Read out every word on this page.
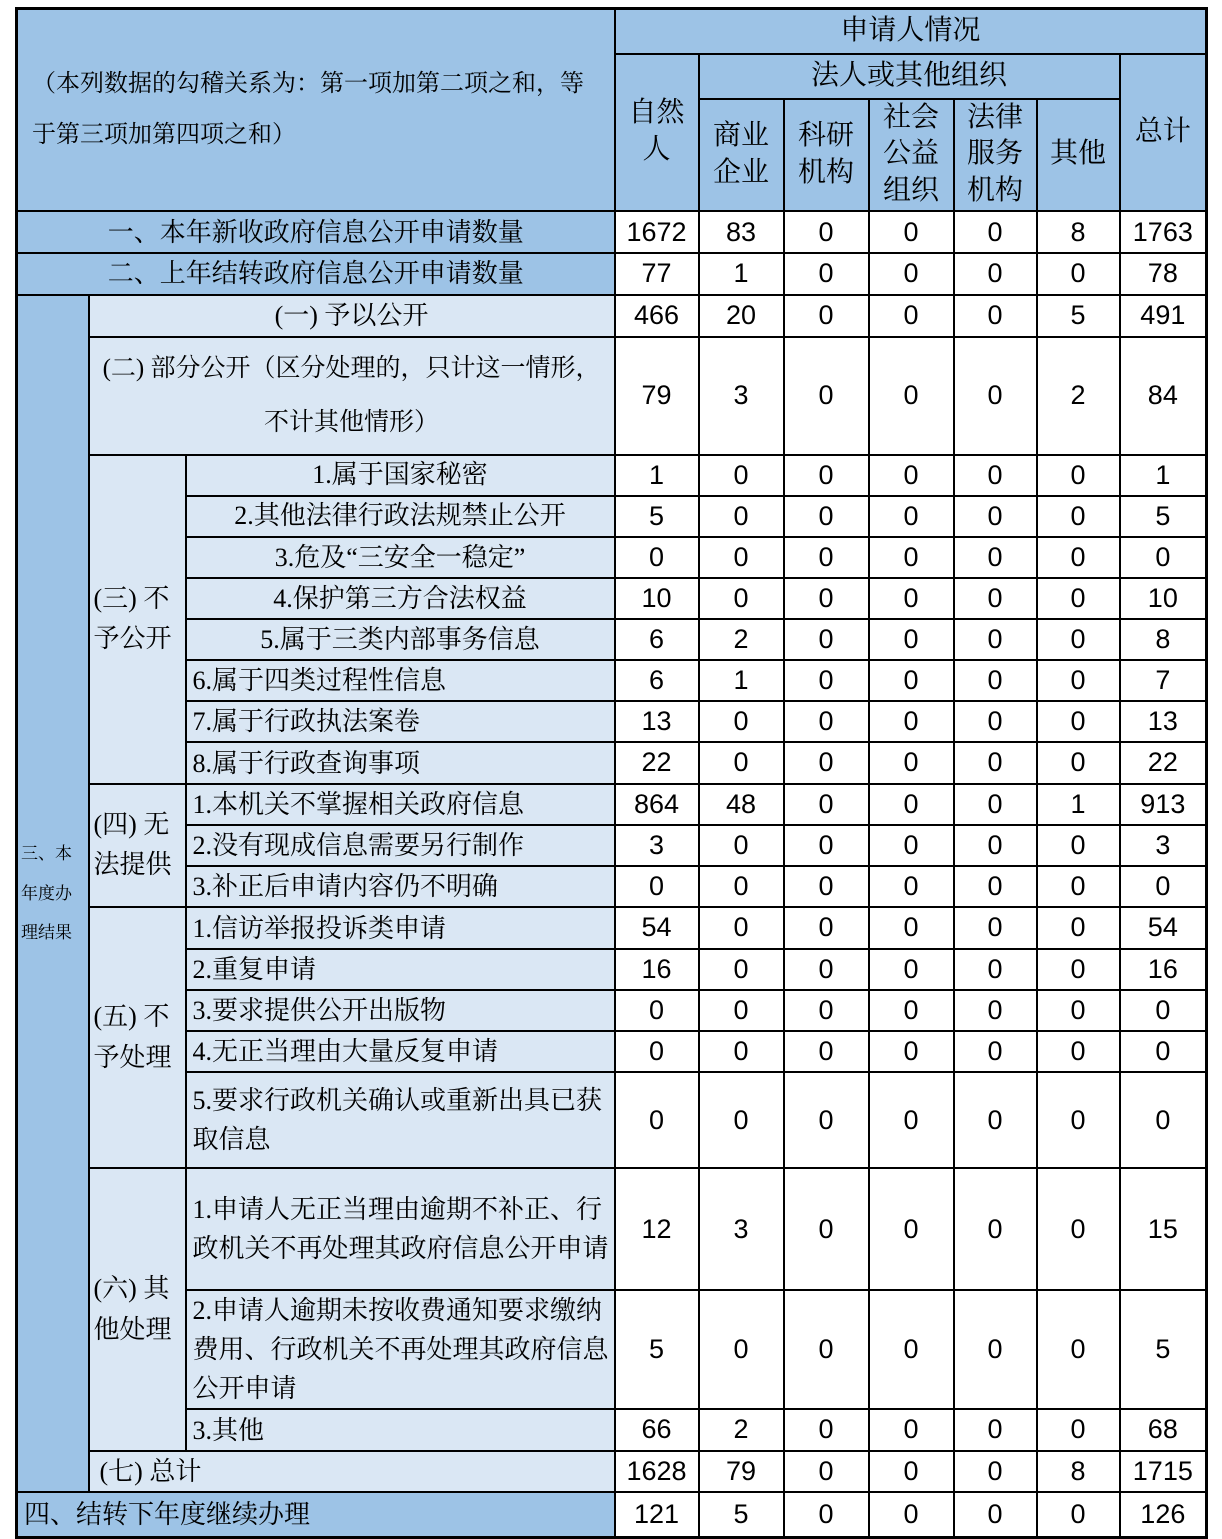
（本列数据的勾稽关系为：第一项加第二项之和，等于第三项加第四项之和）			申请人情况						
			自然人	法人或其他组织					总计
				商业企业	科研机构	社会公益组织	法律服务机构	其他	
一、本年新收政府信息公开申请数量			1672	83	0	0	0	8	1763
二、上年结转政府信息公开申请数量			77	1	0	0	0	0	78
三、本年度办理结果	(一) 予以公开		466	20	0	0	0	5	491
	(二) 部分公开（区分处理的，只计这一情形，不计其他情形）		79	3	0	0	0	2	84
	(三) 不予公开	1.属于国家秘密	1	0	0	0	0	0	1
		2.其他法律行政法规禁止公开	5	0	0	0	0	0	5
		3.危及“三安全一稳定”	0	0	0	0	0	0	0
		4.保护第三方合法权益	10	0	0	0	0	0	10
		5.属于三类内部事务信息	6	2	0	0	0	0	8
		6.属于四类过程性信息	6	1	0	0	0	0	7
		7.属于行政执法案卷	13	0	0	0	0	0	13
		8.属于行政查询事项	22	0	0	0	0	0	22
	(四) 无法提供	1.本机关不掌握相关政府信息	864	48	0	0	0	1	913
		2.没有现成信息需要另行制作	3	0	0	0	0	0	3
		3.补正后申请内容仍不明确	0	0	0	0	0	0	0
	(五) 不予处理	1.信访举报投诉类申请	54	0	0	0	0	0	54
		2.重复申请	16	0	0	0	0	0	16
		3.要求提供公开出版物	0	0	0	0	0	0	0
		4.无正当理由大量反复申请	0	0	0	0	0	0	0
		5.要求行政机关确认或重新出具已获取信息	0	0	0	0	0	0	0
	(六) 其他处理	1.申请人无正当理由逾期不补正、行政机关不再处理其政府信息公开申请	12	3	0	0	0	0	15
		2.申请人逾期未按收费通知要求缴纳费用、行政机关不再处理其政府信息公开申请	5	0	0	0	0	0	5
		3.其他	66	2	0	0	0	0	68
	(七) 总计		1628	79	0	0	0	8	1715
四、结转下年度继续办理			121	5	0	0	0	0	126
